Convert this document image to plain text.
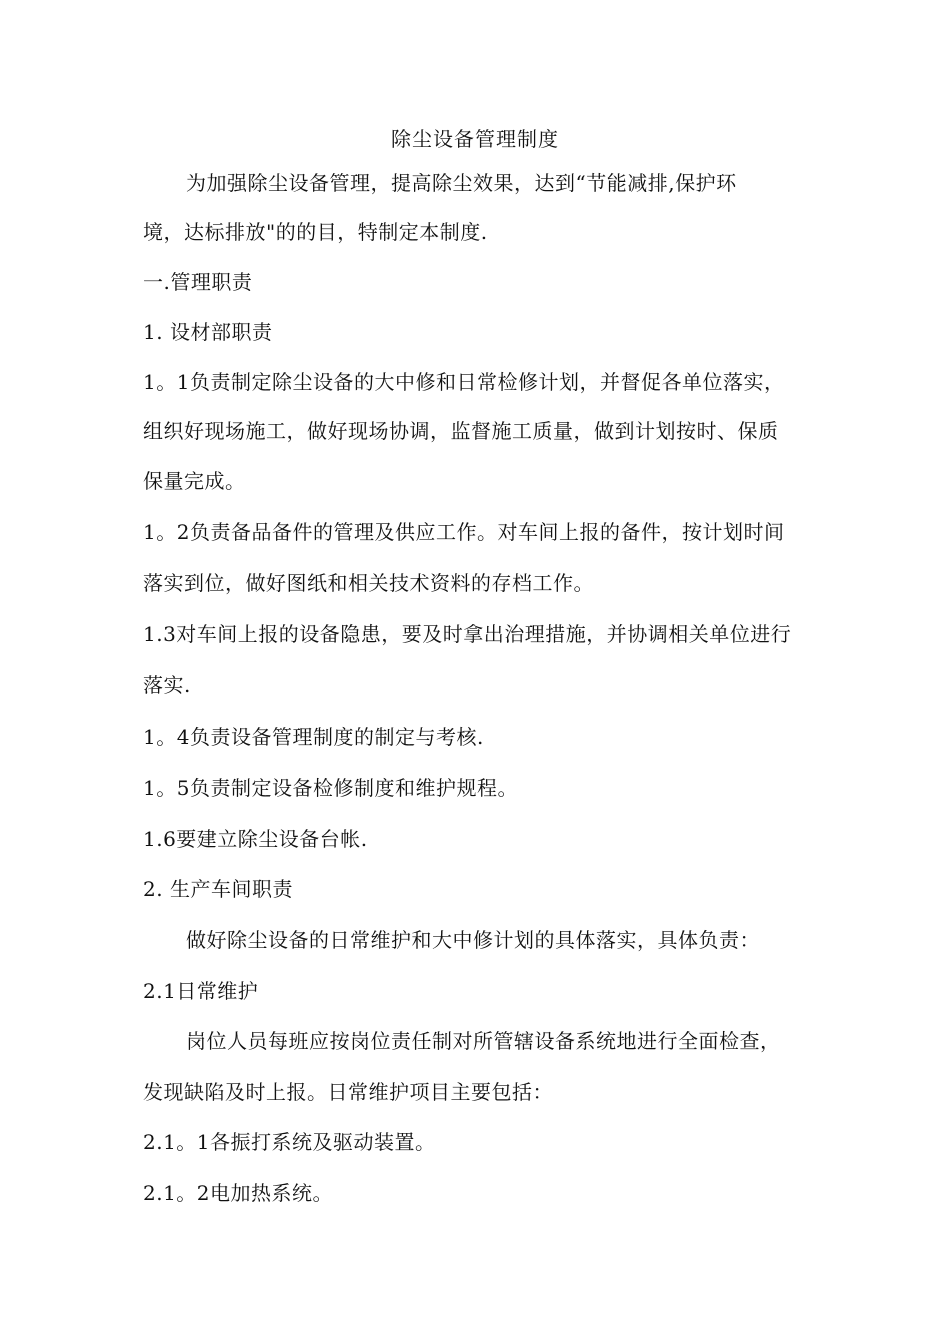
除尘设备管理制度
为加强除尘设备管理，提高除尘效果，达到“节能减排,保护环
境，达标排放"的的目，特制定本制度.
一.管理职责
1. 设材部职责
1。1负责制定除尘设备的大中修和日常检修计划，并督促各单位落实，
组织好现场施工，做好现场协调，监督施工质量，做到计划按时、保质
保量完成。
1。2负责备品备件的管理及供应工作。对车间上报的备件，按计划时间
落实到位，做好图纸和相关技术资料的存档工作。
1.3对车间上报的设备隐患，要及时拿出治理措施，并协调相关单位进行
落实.
1。4负责设备管理制度的制定与考核.
1。5负责制定设备检修制度和维护规程。
1.6要建立除尘设备台帐.
2. 生产车间职责
做好除尘设备的日常维护和大中修计划的具体落实，具体负责：
2.1日常维护
岗位人员每班应按岗位责任制对所管辖设备系统地进行全面检查，
发现缺陷及时上报。日常维护项目主要包括：
2.1。1各振打系统及驱动装置。
2.1。2电加热系统。
